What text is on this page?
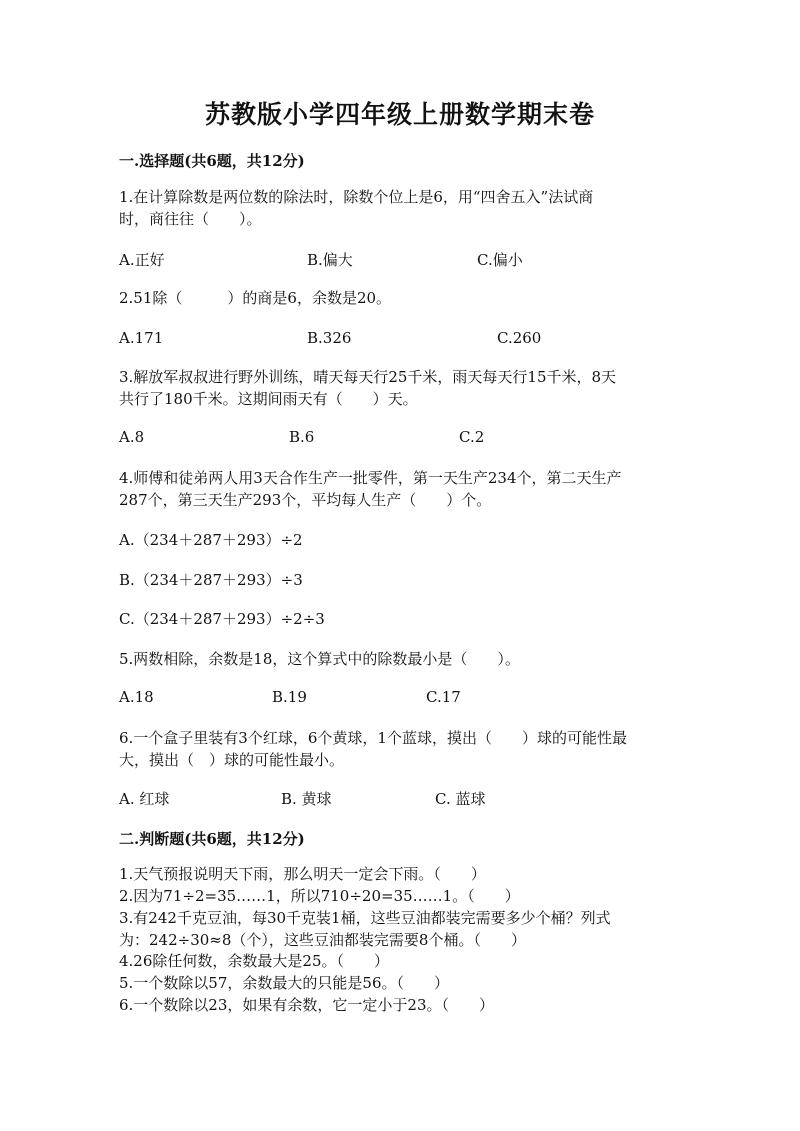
苏教版小学四年级上册数学期末卷
一.选择题(共6题，共12分)
1.在计算除数是两位数的除法时，除数个位上是6，用“四舍五入”法试商
时，商往往（　　）。
A.正好	B.偏大	C.偏小
2.51除（　　　）的商是6，余数是20。
A.171	B.326	C.260
3.解放军叔叔进行野外训练，晴天每天行25千米，雨天每天行15千米，8天
共行了180千米。这期间雨天有（　　）天。
A.8	B.6	C.2
4.师傅和徒弟两人用3天合作生产一批零件，第一天生产234个，第二天生产
287个，第三天生产293个，平均每人生产（　　）个。
A.（234＋287＋293）÷2
B.（234＋287＋293）÷3
C.（234＋287＋293）÷2÷3
5.两数相除，余数是18，这个算式中的除数最小是（　　）。
A.18	B.19	C.17
6.一个盒子里装有3个红球，6个黄球，1个蓝球，摸出（　　）球的可能性最
大，摸出（　）球的可能性最小。
A. 红球	B. 黄球	C. 蓝球
二.判断题(共6题，共12分)
1.天气预报说明天下雨，那么明天一定会下雨。（　　）
2.因为71÷2=35……1，所以710÷20=35……1。（　　）
3.有242千克豆油，每30千克装1桶，这些豆油都装完需要多少个桶？列式
为：242÷30≈8（个），这些豆油都装完需要8个桶。（　　）
4.26除任何数，余数最大是25。（　　）
5.一个数除以57，余数最大的只能是56。（　　）
6.一个数除以23，如果有余数，它一定小于23。（　　）
